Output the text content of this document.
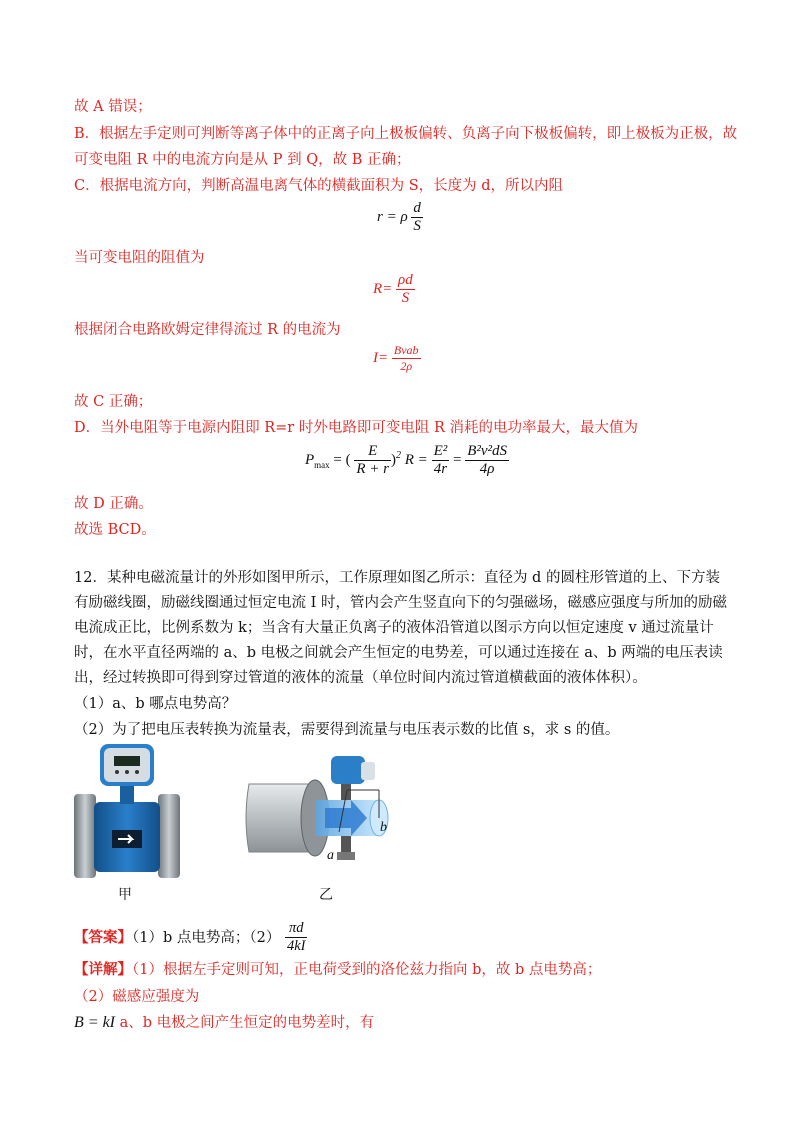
故 A 错误；
B．根据左手定则可判断等离子体中的正离子向上极板偏转、负离子向下极板偏转，即上极板为正极，故
可变电阻 R 中的电流方向是从 P 到 Q，故 B 正确；
C．根据电流方向，判断高温电离气体的横截面积为 S，长度为 d，所以内阻
r = ρ $\frac{d}{S}$
当可变电阻的阻值为
$R= \frac{\rho d}{S}$
根据闭合电路欧姆定律得流过 R 的电流为
$I= \frac{\text{Bvab}}{2\rho}$
故 C 正确；
D．当外电阻等于电源内阻即 R=r 时外电路即可变电阻 R 消耗的电功率最大，最大值为
$P_{max}$ = ( $\frac{E}{R + r} )^2$ $R = \frac{\text{E²}}{4r} = \frac{\text{B²v²dS}}{4\rho}$
故 D 正确。
故选 BCD。
12．某种电磁流量计的外形如图甲所示，工作原理如图乙所示：直径为 d 的圆柱形管道的上、下方装有励磁线圈，励磁线圈通过恒定电流 I 时，管内会产生竖直向下的匀强磁场，磁感应强度与所加的励磁电流成正比，比例系数为 k；当含有大量正负离子的液体沿管道以图示方向以恒定速度 v 通过流量计时，在水平直径两端的 a、b 电极之间就会产生恒定的电势差，可以通过连接在 a、b 两端的电压表读出，经过转换即可得到穿过管道的液体的流量（单位时间内流过管道横截面的液体体积）。
（1）a、b 哪点电势高？
（2）为了把电压表转换为流量表，需要得到流量与电压表示数的比值 s，求 s 的值。
甲
b
a
乙
【答案】（1）b 点电势高；$(2) \frac{\pi d}{4kI}$
【详解】（1）根据左手定则可知，正电荷受到的洛伦兹力指向 b，故 b 点电势高；
（2）磁感应强度为
B = kI a、b 电极之间产生恒定的电势差时，有
